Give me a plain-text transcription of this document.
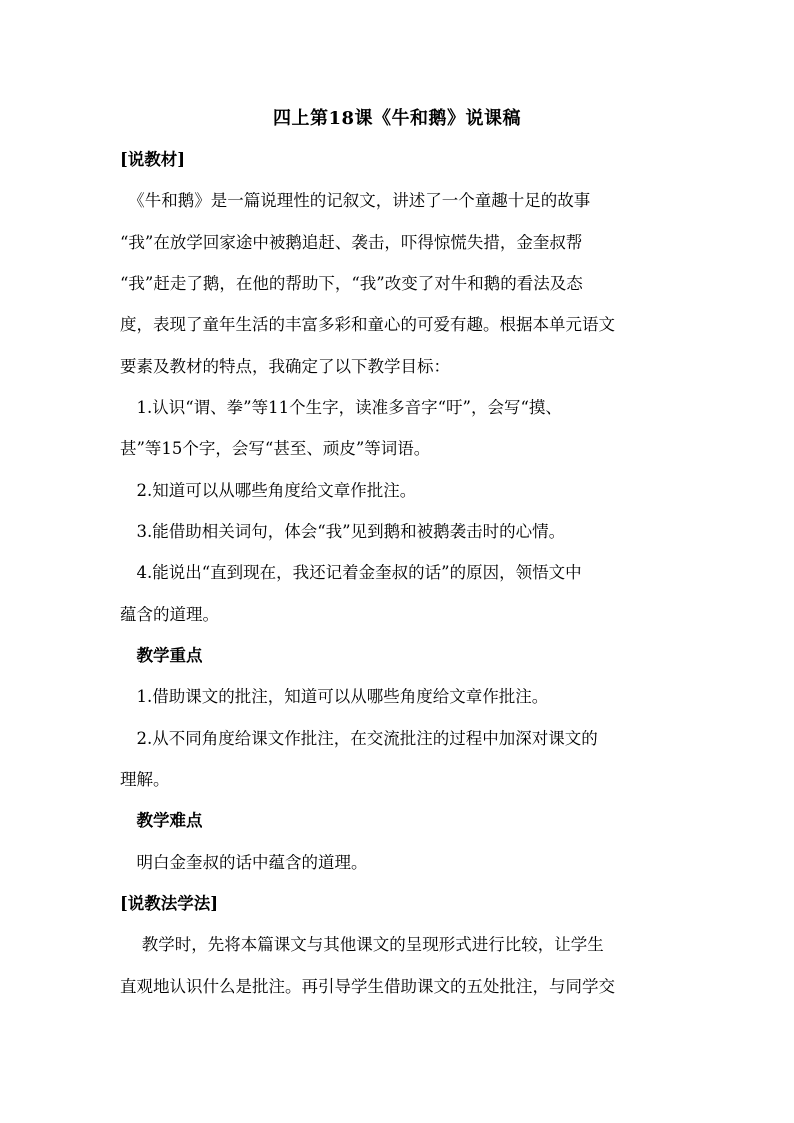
四上第18课《牛和鹅》说课稿
[说教材]
　《牛和鹅》是一篇说理性的记叙文，讲述了一个童趣十足的故事
“我”在放学回家途中被鹅追赶、袭击，吓得惊慌失措，金奎叔帮
“我”赶走了鹅，在他的帮助下，“我”改变了对牛和鹅的看法及态
度，表现了童年生活的丰富多彩和童心的可爱有趣。根据本单元语文
要素及教材的特点，我确定了以下教学目标：
　1.认识“谓、拳”等11个生字，读准多音字“吁”，会写“摸、
甚”等15个字，会写“甚至、顽皮”等词语。
　2.知道可以从哪些角度给文章作批注。
　3.能借助相关词句，体会“我”见到鹅和被鹅袭击时的心情。
　4.能说出“直到现在，我还记着金奎叔的话”的原因，领悟文中
蕴含的道理。
　教学重点
　1.借助课文的批注，知道可以从哪些角度给文章作批注。
　2.从不同角度给课文作批注，在交流批注的过程中加深对课文的
理解。
　教学难点
　明白金奎叔的话中蕴含的道理。
[说教法学法]
　 教学时，先将本篇课文与其他课文的呈现形式进行比较，让学生
直观地认识什么是批注。再引导学生借助课文的五处批注，与同学交
